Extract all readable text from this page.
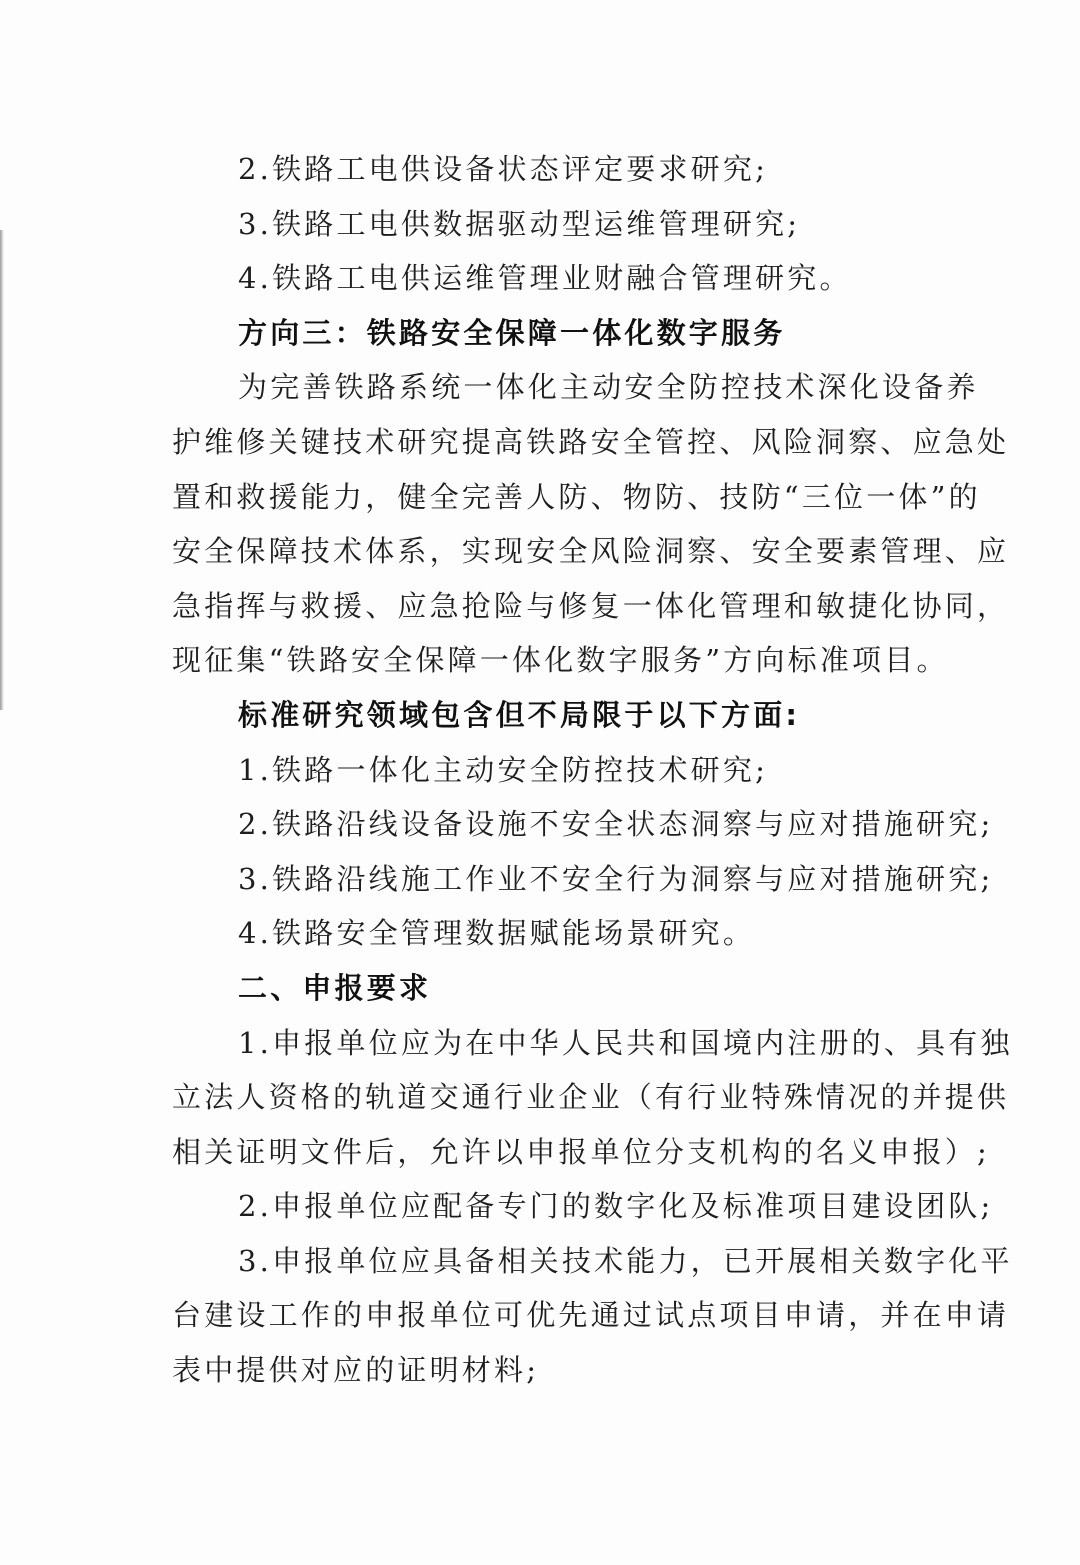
2.铁路工电供设备状态评定要求研究;
3.铁路工电供数据驱动型运维管理研究;
4.铁路工电供运维管理业财融合管理研究。
方向三：铁路安全保障一体化数字服务
为完善铁路系统一体化主动安全防控技术深化设备养
护维修关键技术研究提高铁路安全管控、风险洞察、应急处
置和救援能力，健全完善人防、物防、技防“三位一体”的
安全保障技术体系，实现安全风险洞察、安全要素管理、应
急指挥与救援、应急抢险与修复一体化管理和敏捷化协同，
现征集“铁路安全保障一体化数字服务”方向标准项目。
标准研究领域包含但不局限于以下方面:
1.铁路一体化主动安全防控技术研究;
2.铁路沿线设备设施不安全状态洞察与应对措施研究;
3.铁路沿线施工作业不安全行为洞察与应对措施研究;
4.铁路安全管理数据赋能场景研究。
二、申报要求
1.申报单位应为在中华人民共和国境内注册的、具有独
立法人资格的轨道交通行业企业（有行业特殊情况的并提供
相关证明文件后，允许以申报单位分支机构的名义申报）;
2.申报单位应配备专门的数字化及标准项目建设团队;
3.申报单位应具备相关技术能力，已开展相关数字化平
台建设工作的申报单位可优先通过试点项目申请，并在申请
表中提供对应的证明材料;
